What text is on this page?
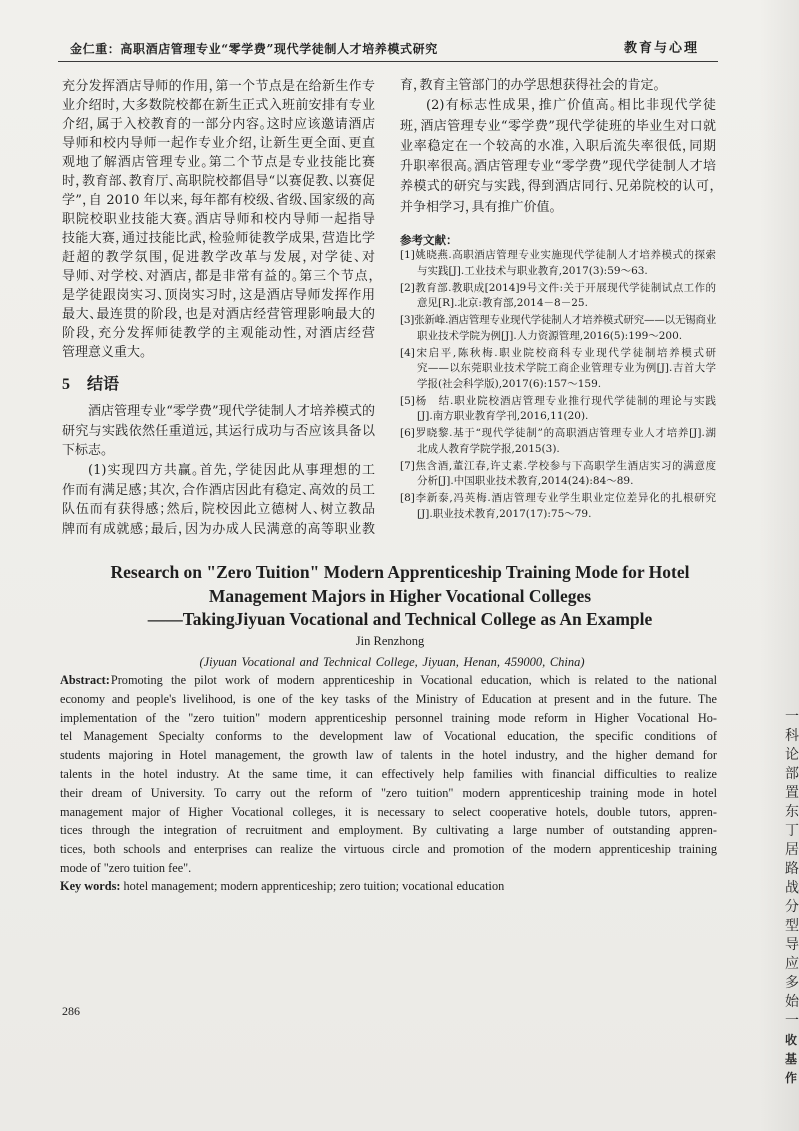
金仁重：高职酒店管理专业“零学费”现代学徒制人才培养模式研究	教育与心理
充分发挥酒店导师的作用，第一个节点是在给新生作专
业介绍时，大多数院校都在新生正式入班前安排有专业
介绍，属于入校教育的一部分内容。这时应该邀请酒店
导师和校内导师一起作专业介绍，让新生更全面、更直
观地了解酒店管理专业。第二个节点是专业技能比赛
时，教育部、教育厅、高职院校都倡导“以赛促教、以赛促
学”，自 2010 年以来，每年都有校级、省级、国家级的高
职院校职业技能大赛。酒店导师和校内导师一起指导
技能大赛，通过技能比武，检验师徒教学成果，营造比学
赶超的教学氛围，促进教学改革与发展，对学徒、对
导师、对学校、对酒店，都是非常有益的。第三个节点，
是学徒跟岗实习、顶岗实习时，这是酒店导师发挥作用
最大、最连贯的阶段，也是对酒店经营管理影响最大的
阶段，充分发挥师徒教学的主观能动性，对酒店经营
管理意义重大。
5 结语
酒店管理专业“零学费”现代学徒制人才培养模式的
研究与实践依然任重道远，其运行成功与否应该具备以
下标志。
(1)实现四方共赢。首先，学徒因此从事理想的工
作而有满足感；其次，合作酒店因此有稳定、高效的员工
队伍而有获得感；然后，院校因此立德树人、树立教品
牌而有成就感；最后，因为办成人民满意的高等职业教
育，教育主管部门的办学思想获得社会的肯定。
(2)有标志性成果，推广价值高。相比非现代学徒
班，酒店管理专业“零学费”现代学徒班的毕业生对口就
业率稳定在一个较高的水准，入职后流失率很低，同期
升职率很高。酒店管理专业“零学费”现代学徒制人才培
养模式的研究与实践，得到酒店同行、兄弟院校的认可，
并争相学习，具有推广价值。
参考文献：
[1]姚晓燕.高职酒店管理专业实施现代学徒制人才培养模式的探索
与实践[J].工业技术与职业教育,2017(3):59～63.
[2]教育部.教职成[2014]9号文件:关于开展现代学徒制试点工作的
意见[R].北京:教育部,2014－8－25.
[3]张新峰.酒店管理专业现代学徒制人才培养模式研究——以无锡商业
职业技术学院为例[J].人力资源管理,2016(5):199～200.
[4]宋启平,陈秋梅.职业院校商科专业现代学徒制培养模式研
究——以东莞职业技术学院工商企业管理专业为例[J].吉首大学
学报(社会科学版),2017(6):157～159.
[5]杨　结.职业院校酒店管理专业推行现代学徒制的理论与实践
[J].南方职业教育学刊,2016,11(20).
[6]罗晓黎.基于“现代学徒制”的高职酒店管理专业人才培养[J].湖
北成人教育学院学报,2015(3).
[7]焦含酒,董江春,许丈素.学校参与下高职学生酒店实习的满意度
分析[J].中国职业技术教育,2014(24):84～89.
[8]李新泰,冯英梅.酒店管理专业学生职业定位差异化的扎根研究
[J].职业技术教育,2017(17):75～79.
Research on "Zero Tuition" Modern Apprenticeship Training Mode for Hotel
Management Majors in Higher Vocational Colleges
——TakingJiyuan Vocational and Technical College as An Example
Jin Renzhong
(Jiyuan Vocational and Technical College, Jiyuan, Henan, 459000, China)
Abstract:Promoting the pilot work of modern apprenticeship in Vocational education, which is related to the national
economy and people's livelihood, is one of the key tasks of the Ministry of Education at present and in the future. The
implementation of the "zero tuition" modern apprenticeship personnel training mode reform in Higher Vocational Ho-
tel Management Specialty conforms to the development law of Vocational education, the specific conditions of
students majoring in Hotel management, the growth law of talents in the hotel industry, and the higher demand for
talents in the hotel industry. At the same time, it can effectively help families with financial difficulties to realize
their dream of University. To carry out the reform of "zero tuition" modern apprenticeship training mode in hotel
management major of Higher Vocational colleges, it is necessary to select cooperative hotels, double tutors, appren-
tices through the integration of recruitment and employment. By cultivating a large number of outstanding appren-
tices, both schools and enterprises can realize the virtuous circle and promotion of the modern apprenticeship training
mode of "zero tuition fee".
Key words: hotel management; modern apprenticeship; zero tuition; vocational education
286
一
科
论
部
置
东
丁
居
路
战
分
型
导
应
多
始
一
收
基
作
